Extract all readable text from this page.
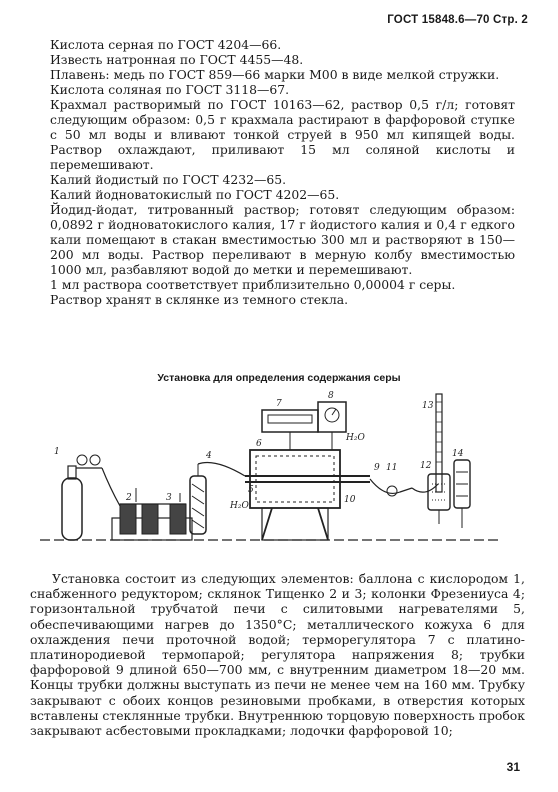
ГОСТ 15848.6—70 Стр. 2

Кислота серная по ГОСТ 4204—66.

Известь натронная по ГОСТ 4455—48.

Плавень: медь по ГОСТ 859—66 марки М00 в виде мелкой стружки.

Кислота соляная по ГОСТ 3118—67.

Крахмал растворимый по ГОСТ 10163—62, раствор 0,5 г/л; готовят следующим образом: 0,5 г крахмала растирают в фарфоровой ступке с 50 мл воды и вливают тонкой струей в 950 мл кипящей воды. Раствор охлаждают, приливают 15 мл соляной кислоты и перемешивают.

Калий йодистый по ГОСТ 4232—65.

Калий йодноватокислый по ГОСТ 4202—65.

Йодид-йодат, титрованный раствор; готовят следующим образом: 0,0892 г йодноватокислого калия, 17 г йодистого калия и 0,4 г едкого кали помещают в стакан вместимостью 300 мл и растворяют в 150—200 мл воды. Раствор переливают в мерную колбу вместимостью 1000 мл, разбавляют водой до метки и перемешивают.

1 мл раствора соответствует приблизительно 0,00004 г серы.

Раствор хранят в склянке из темного стекла.

Установка для определения содержания серы
1
2	3
4
5
6
7
8
9
10
11	12
13
14
H₂O
H₂O

Установка состоит из следующих элементов: баллона с кислородом 1, снабженного редуктором; склянок Тищенко 2 и 3; колонки Фрезениуса 4; горизонтальной трубчатой печи с силитовыми нагревателями 5, обеспечивающими нагрев до 1350°С; металлического кожуха 6 для охлаждения печи проточной водой; терморегулятора 7 с платино-платинородиевой термопарой; регулятора напряжения 8; трубки фарфоровой 9 длиной 650—700 мм, с внутренним диаметром 18—20 мм. Концы трубки должны выступать из печи не менее чем на 160 мм. Трубку закрывают с обоих концов резиновыми пробками, в отверстия которых вставлены стеклянные трубки. Внутреннюю торцовую поверхность пробок закрывают асбестовыми прокладками; лодочки фарфоровой 10;

31
